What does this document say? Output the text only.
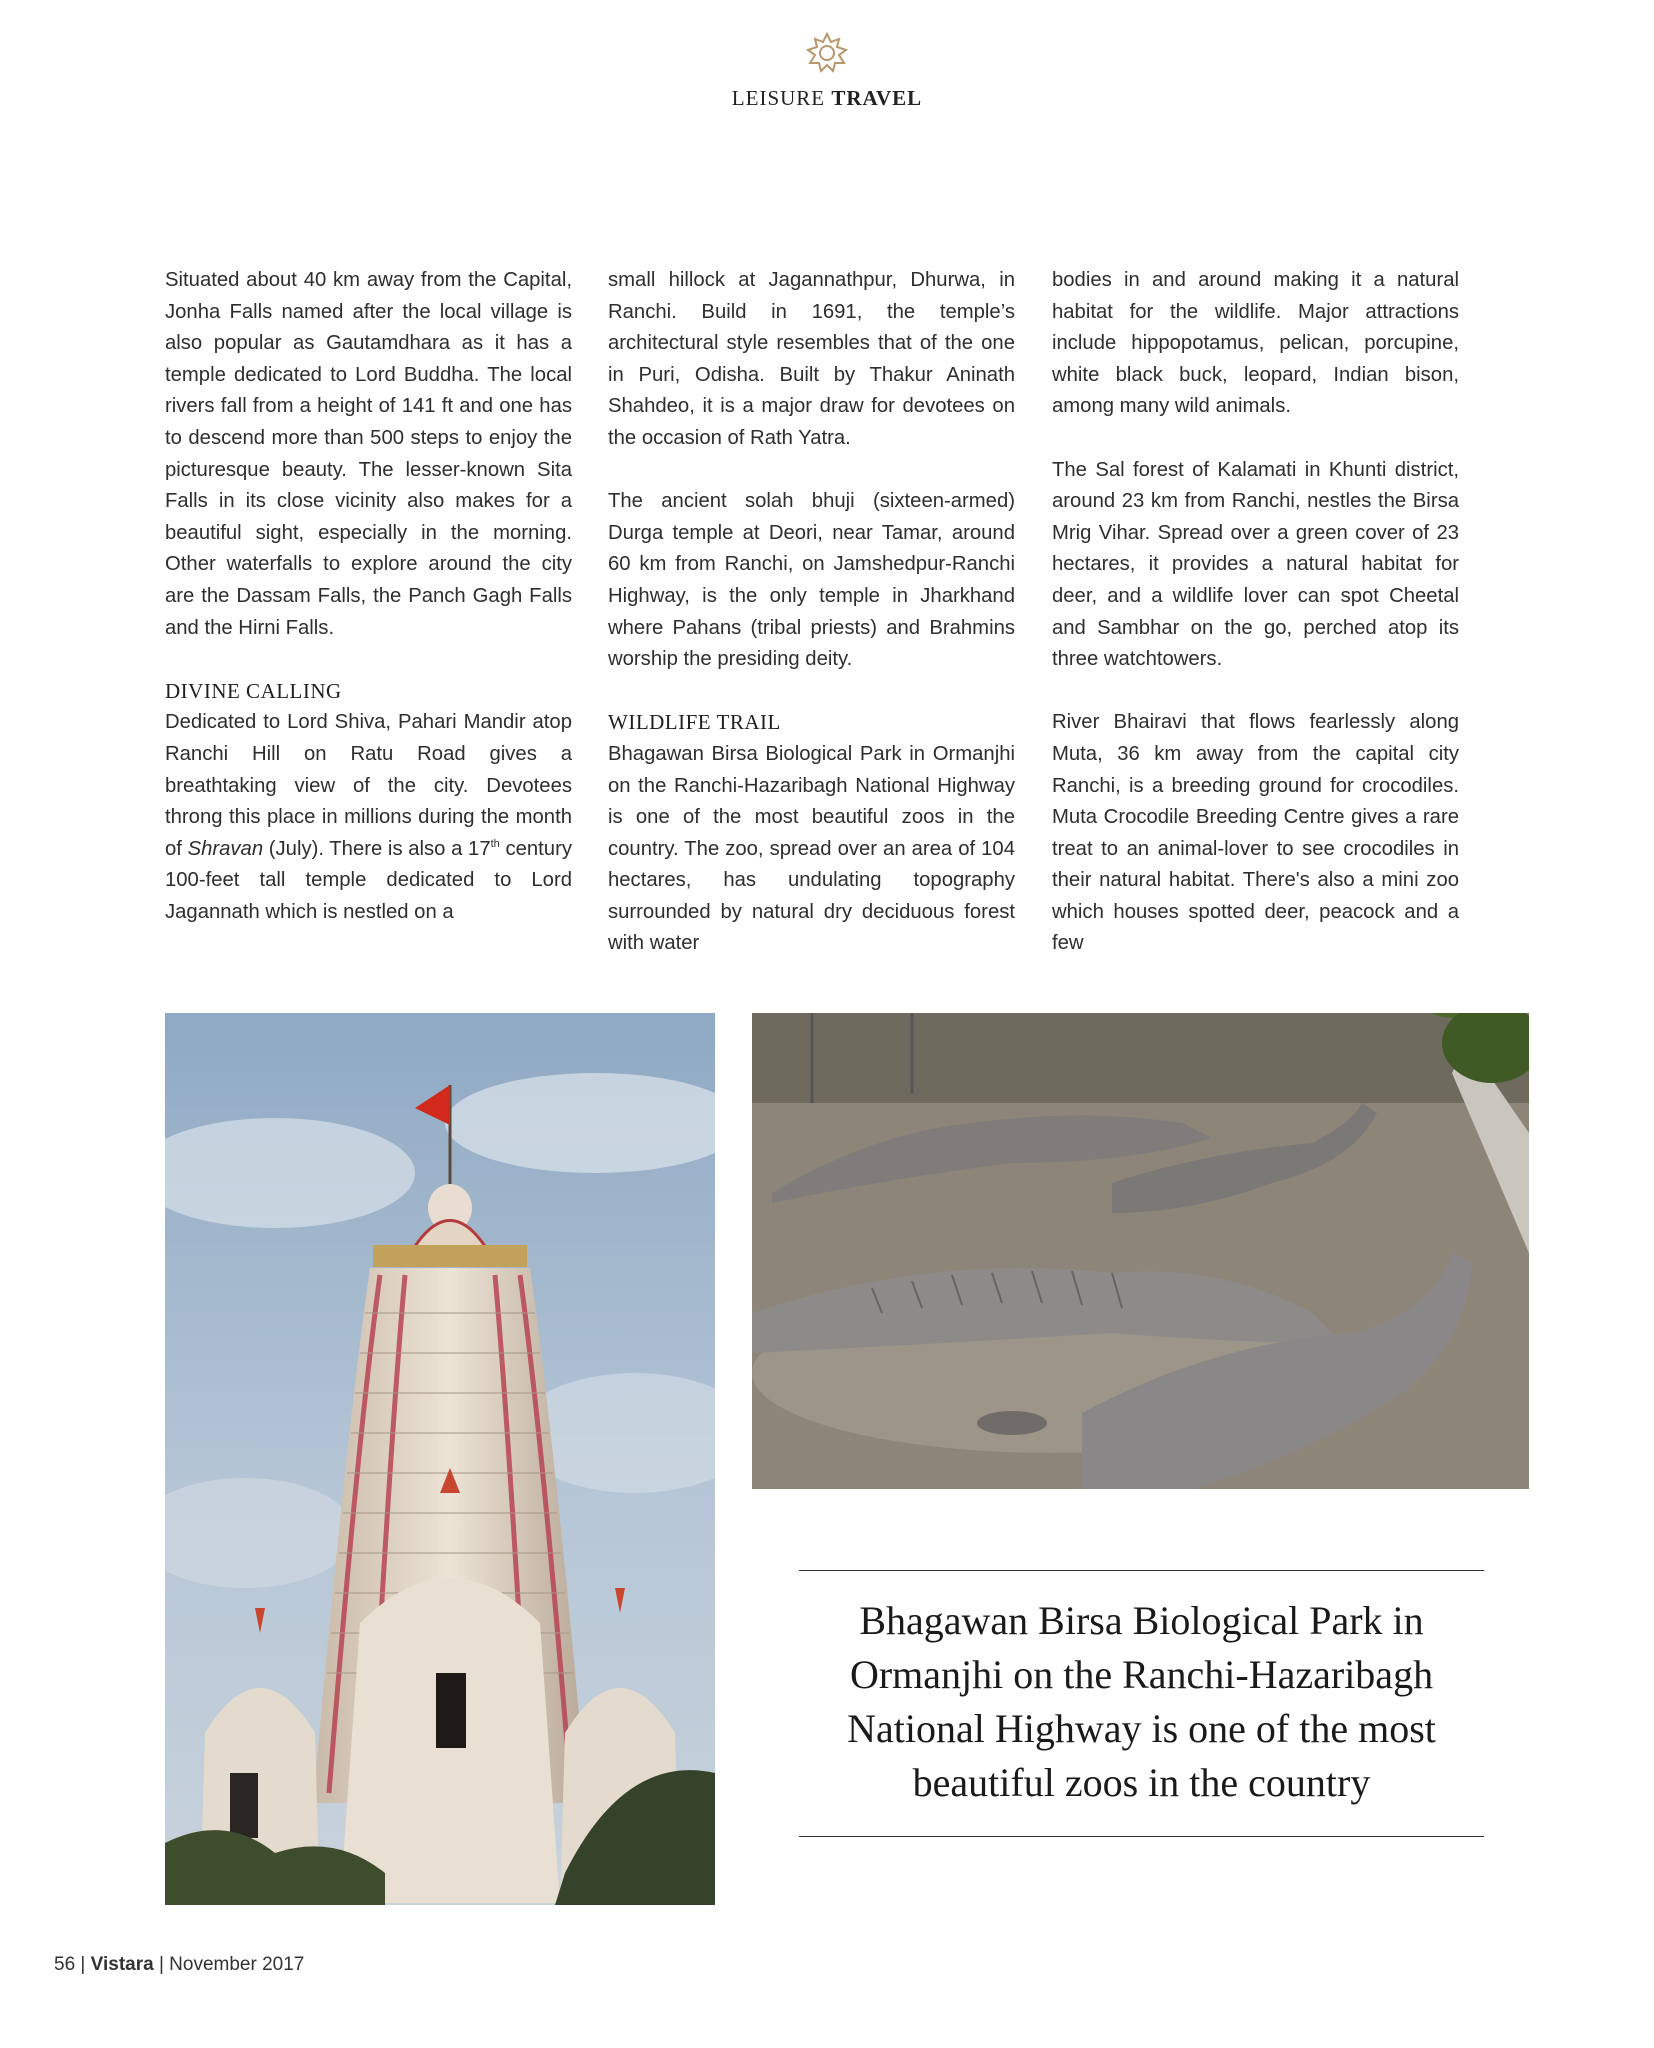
LEISURE TRAVEL

Situated about 40 km away from the Capital, Jonha Falls named after the local village is also popular as Gautamdhara as it has a temple dedicated to Lord Buddha. The local rivers fall from a height of 141 ft and one has to descend more than 500 steps to enjoy the picturesque beauty. The lesser-known Sita Falls in its close vicinity also makes for a beautiful sight, especially in the morning. Other waterfalls to explore around the city are the Dassam Falls, the Panch Gagh Falls and the Hirni Falls.

DIVINE CALLING

Dedicated to Lord Shiva, Pahari Mandir atop Ranchi Hill on Ratu Road gives a breathtaking view of the city. Devotees throng this place in millions during the month of Shravan (July). There is also a 17th century 100-feet tall temple dedicated to Lord Jagannath which is nestled on a

small hillock at Jagannathpur, Dhurwa, in Ranchi. Build in 1691, the temple’s architectural style resembles that of the one in Puri, Odisha. Built by Thakur Aninath Shahdeo, it is a major draw for devotees on the occasion of Rath Yatra.

The ancient solah bhuji (sixteen-armed) Durga temple at Deori, near Tamar, around 60 km from Ranchi, on Jamshedpur-Ranchi Highway, is the only temple in Jharkhand where Pahans (tribal priests) and Brahmins worship the presiding deity.

WILDLIFE TRAIL

Bhagawan Birsa Biological Park in Ormanjhi on the Ranchi-Hazaribagh National Highway is one of the most beautiful zoos in the country. The zoo, spread over an area of 104 hectares, has undulating topography surrounded by natural dry deciduous forest with water

bodies in and around making it a natural habitat for the wildlife. Major attractions include hippopotamus, pelican, porcupine, white black buck, leopard, Indian bison, among many wild animals.

The Sal forest of Kalamati in Khunti district, around 23 km from Ranchi, nestles the Birsa Mrig Vihar. Spread over a green cover of 23 hectares, it provides a natural habitat for deer, and a wildlife lover can spot Cheetal and Sambhar on the go, perched atop its three watchtowers.

River Bhairavi that flows fearlessly along Muta, 36 km away from the capital city Ranchi, is a breeding ground for crocodiles. Muta Crocodile Breeding Centre gives a rare treat to an animal-lover to see crocodiles in their natural habitat. There's also a mini zoo which houses spotted deer, peacock and a few

Bhagawan Birsa Biological Park in Ormanjhi on the Ranchi-Hazaribagh National Highway is one of the most beautiful zoos in the country
56 | Vistara | November 2017
